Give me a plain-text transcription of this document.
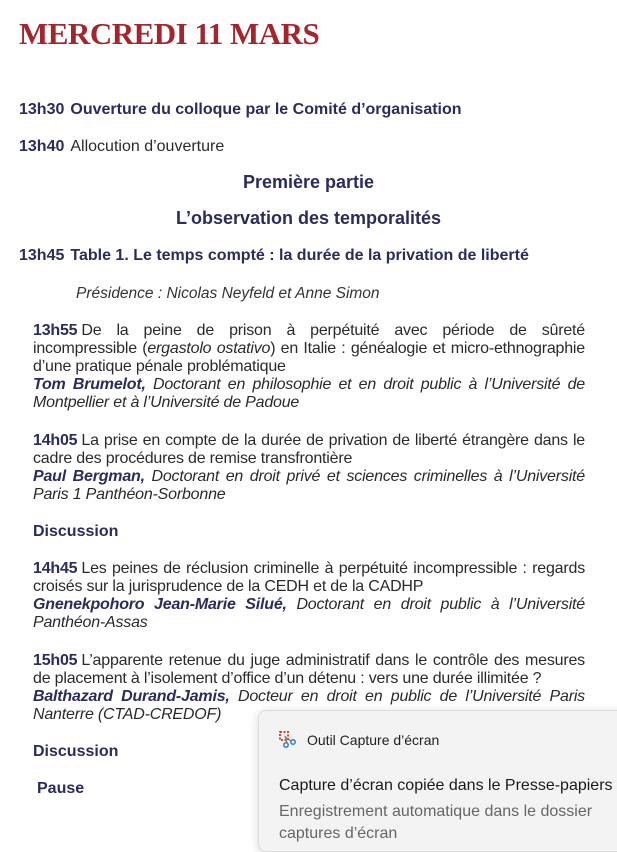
MERCREDI 11 MARS
13h30 Ouverture du colloque par le Comité d’organisation
13h40 Allocution d’ouverture
Première partie
L’observation des temporalités
13h45 Table 1. Le temps compté : la durée de la privation de liberté
Présidence : Nicolas Neyfeld et Anne Simon
13h55 De la peine de prison à perpétuité avec période de sûreté incompressible (ergastolo ostativo) en Italie : généalogie et micro-ethnographie d’une pratique pénale problématique
Tom Brumelot, Doctorant en philosophie et en droit public à l’Université de Montpellier et à l’Université de Padoue
14h05 La prise en compte de la durée de privation de liberté étrangère dans le cadre des procédures de remise transfrontière
Paul Bergman, Doctorant en droit privé et sciences criminelles à l’Université Paris 1 Panthéon-Sorbonne
Discussion
14h45 Les peines de réclusion criminelle à perpétuité incompressible : regards croisés sur la jurisprudence de la CEDH et de la CADHP
Gnenekpohoro Jean-Marie Silué, Doctorant en droit public à l’Université Panthéon-Assas
15h05 L’apparente retenue du juge administratif dans le contrôle des mesures de placement à l’isolement d’office d’un détenu : vers une durée illimitée ?
Balthazard Durand-Jamis, Docteur en droit en public de l’Université Paris Nanterre (CTAD-CREDOF)
Discussion
Pause
Outil Capture d’écran
Capture d’écran copiée dans le Presse-papiers
Enregistrement automatique dans le dossier
captures d’écran
